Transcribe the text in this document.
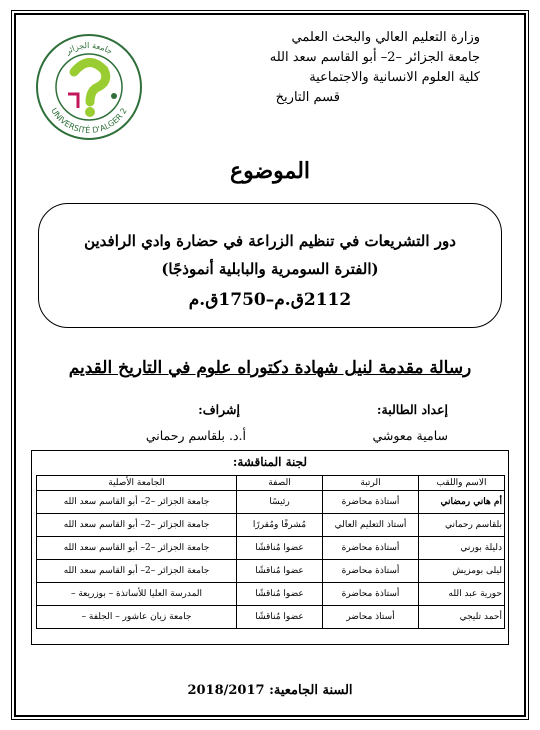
جامعة الجزائر
UNIVERSITÉ D'ALGER 2
وزارة التعليم العالي والبحث العلمي
جامعة الجزائر –2– أبو القاسم سعد الله
كلية العلوم الانسانية والاجتماعية
قسم التاريخ
الموضوع
دور التشريعات في تنظيم الزراعة في حضارة وادي الرافدين
(الفترة السومرية والبابلية أنموذجًا)
2112ق.م–1750ق.م
رسالة مقدمة لنيل شهادة دكتوراه علوم في التاريخ القديم
إعداد الطالبة:
سامية معوشي
إشراف:
أ.د. بلقاسم رحماني
لجنة المناقشة:
الاسم واللقب	الرتبة	الصفة	الجامعة الأصلية
أم هاني رمضاني	أستاذة محاضرة	رئيسًا	جامعة الجزائر –2– أبو القاسم سعد الله
بلقاسم رحماني	أستاذ التعليم العالي	مُشرفًا ومُقررًا	جامعة الجزائر –2– أبو القاسم سعد الله
دليلة بورني	أستاذة محاضرة	عضوا مُناقشًا	جامعة الجزائر –2– أبو القاسم سعد الله
ليلى بومزيش	أستاذة محاضرة	عضوا مُناقشًا	جامعة الجزائر –2– أبو القاسم سعد الله
حورية عبد الله	أستاذة محاضرة	عضوا مُناقشًا	المدرسة العليا للأساتذة – بوزريعة –
أحمد تليجي	أستاذ محاضر	عضوا مُناقشًا	جامعة زيان عاشور – الجلفة –
السنة الجامعية: 2018/2017
